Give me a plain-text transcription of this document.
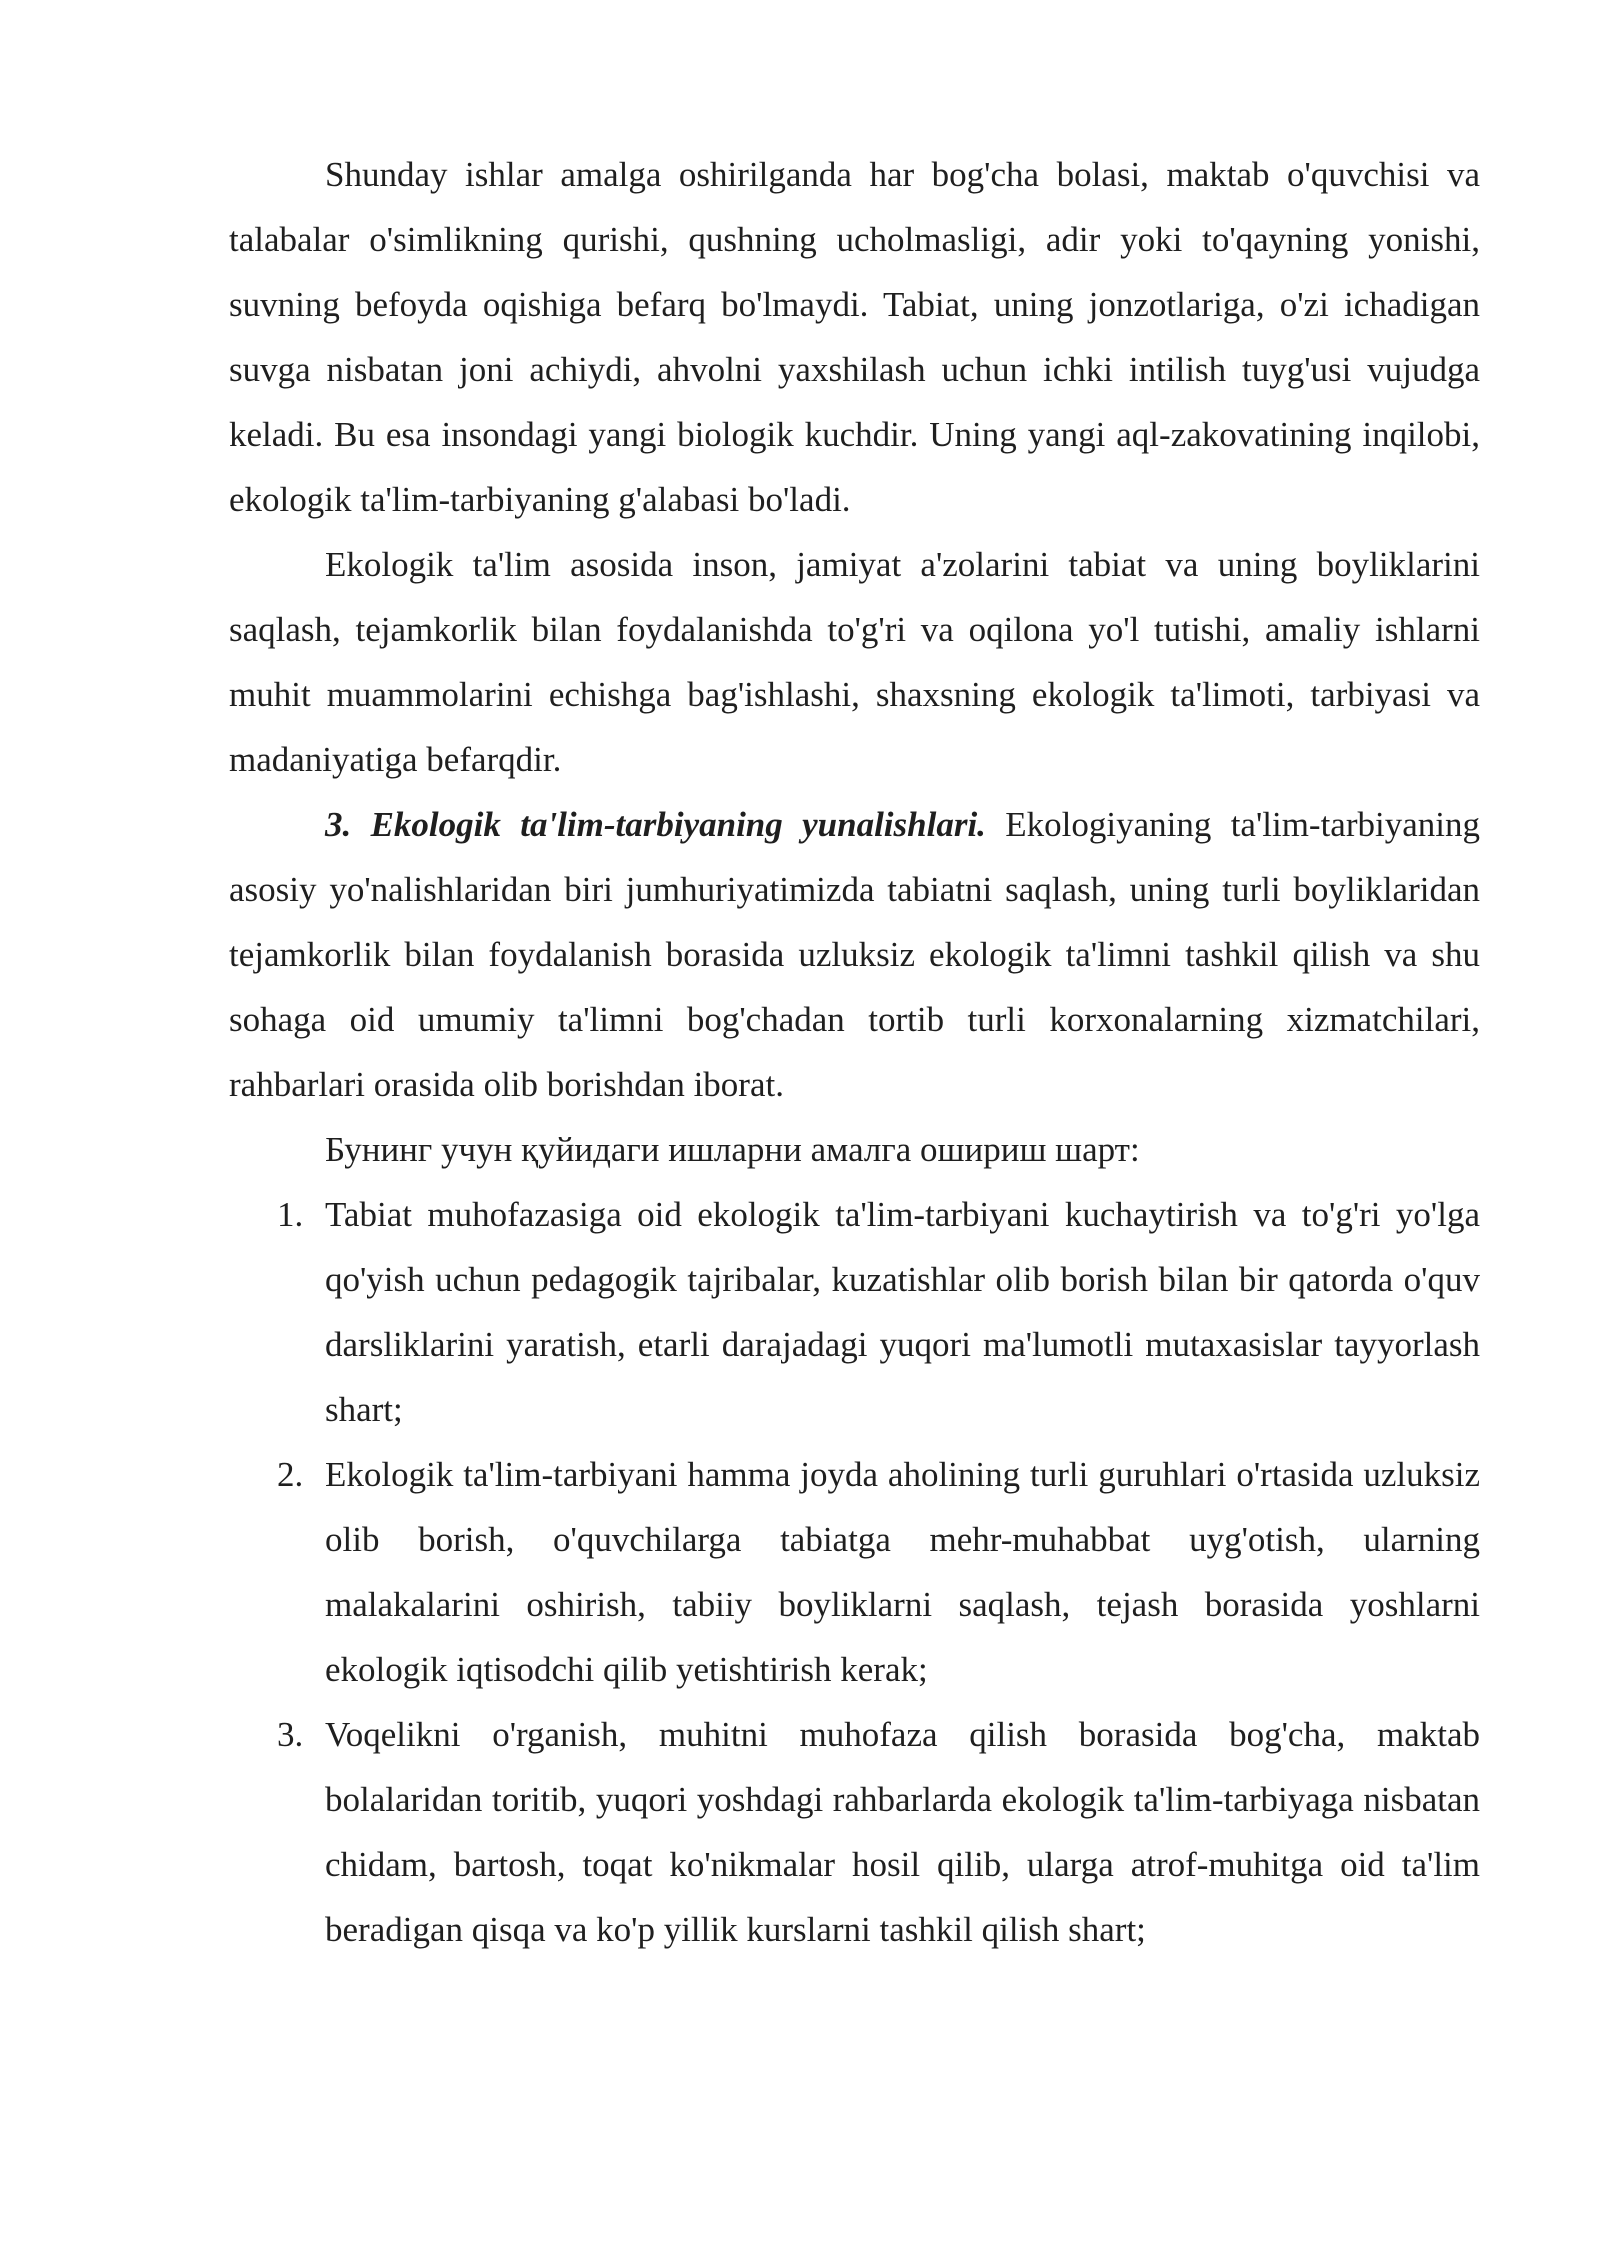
Shunday ishlar amalga oshirilganda har bog'cha bolasi, maktab o'quvchisi va talabalar o'simlikning qurishi, qushning ucholmasligi, adir yoki to'qayning yonishi, suvning befoyda oqishiga befarq bo'lmaydi. Tabiat, uning jonzotlariga, o'zi ichadigan suvga nisbatan joni achiydi, ahvolni yaxshilash uchun ichki intilish tuyg'usi vujudga keladi. Bu esa insondagi yangi biologik kuchdir. Uning yangi aql-zakovatining inqilobi, ekologik ta'lim-tarbiyaning g'alabasi bo'ladi.

Ekologik ta'lim asosida inson, jamiyat a'zolarini tabiat va uning boyliklarini saqlash, tejamkorlik bilan foydalanishda to'g'ri va oqilona yo'l tutishi, amaliy ishlarni muhit muammolarini echishga bag'ishlashi, shaxsning ekologik ta'limoti, tarbiyasi va madaniyatiga befarqdir.

3. Ekologik ta'lim-tarbiyaning yunalishlari. Ekologiyaning ta'lim-tarbiyaning asosiy yo'nalishlaridan biri jumhuriyatimizda tabiatni saqlash, uning turli boyliklaridan tejamkorlik bilan foydalanish borasida uzluksiz ekologik ta'limni tashkil qilish va shu sohaga oid umumiy ta'limni bog'chadan tortib turli korxonalarning xizmatchilari, rahbarlari orasida olib borishdan iborat.

Бунинг учун қуйидаги ишларни амалга ошириш шарт:

1. Tabiat muhofazasiga oid ekologik ta'lim-tarbiyani kuchaytirish va to'g'ri yo'lga qo'yish uchun pedagogik tajribalar, kuzatishlar olib borish bilan bir qatorda o'quv darsliklarini yaratish, etarli darajadagi yuqori ma'lumotli mutaxasislar tayyorlash shart;
2. Ekologik ta'lim-tarbiyani hamma joyda aholining turli guruhlari o'rtasida uzluksiz olib borish, o'quvchilarga tabiatga mehr-muhabbat uyg'otish, ularning malakalarini oshirish, tabiiy boyliklarni saqlash, tejash borasida yoshlarni ekologik iqtisodchi qilib yetishtirish kerak;
3. Voqelikni o'rganish, muhitni muhofaza qilish borasida bog'cha, maktab bolalaridan toritib, yuqori yoshdagi rahbarlarda ekologik ta'lim-tarbiyaga nisbatan chidam, bartosh, toqat ko'nikmalar hosil qilib, ularga atrof-muhitga oid ta'lim beradigan qisqa va ko'p yillik kurslarni tashkil qilish shart;
